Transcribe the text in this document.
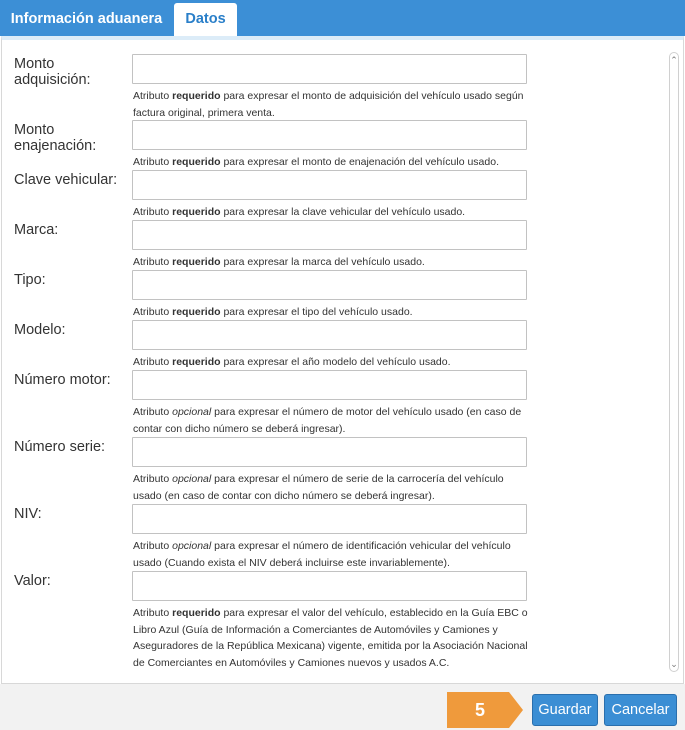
Información aduanera	Datos
Monto adquisición:
Atributo requerido para expresar el monto de adquisición del vehículo usado según factura original, primera venta.
Monto enajenación:
Atributo requerido para expresar el monto de enajenación del vehículo usado.
Clave vehicular:
Atributo requerido para expresar la clave vehicular del vehículo usado.
Marca:
Atributo requerido para expresar la marca del vehículo usado.
Tipo:
Atributo requerido para expresar el tipo del vehículo usado.
Modelo:
Atributo requerido para expresar el año modelo del vehículo usado.
Número motor:
Atributo opcional para expresar el número de motor del vehículo usado (en caso de contar con dicho número se deberá ingresar).
Número serie:
Atributo opcional para expresar el número de serie de la carrocería del vehículo usado (en caso de contar con dicho número se deberá ingresar).
NIV:
Atributo opcional para expresar el número de identificación vehicular del vehículo usado (Cuando exista el NIV deberá incluirse este invariablemente).
Valor:
Atributo requerido para expresar el valor del vehículo, establecido en la Guía EBC o Libro Azul (Guía de Información a Comerciantes de Automóviles y Camiones y Aseguradores de la República Mexicana) vigente, emitida por la Asociación Nacional de Comerciantes en Automóviles y Camiones nuevos y usados A.C.
⌃
⌄
5	Guardar	Cancelar
